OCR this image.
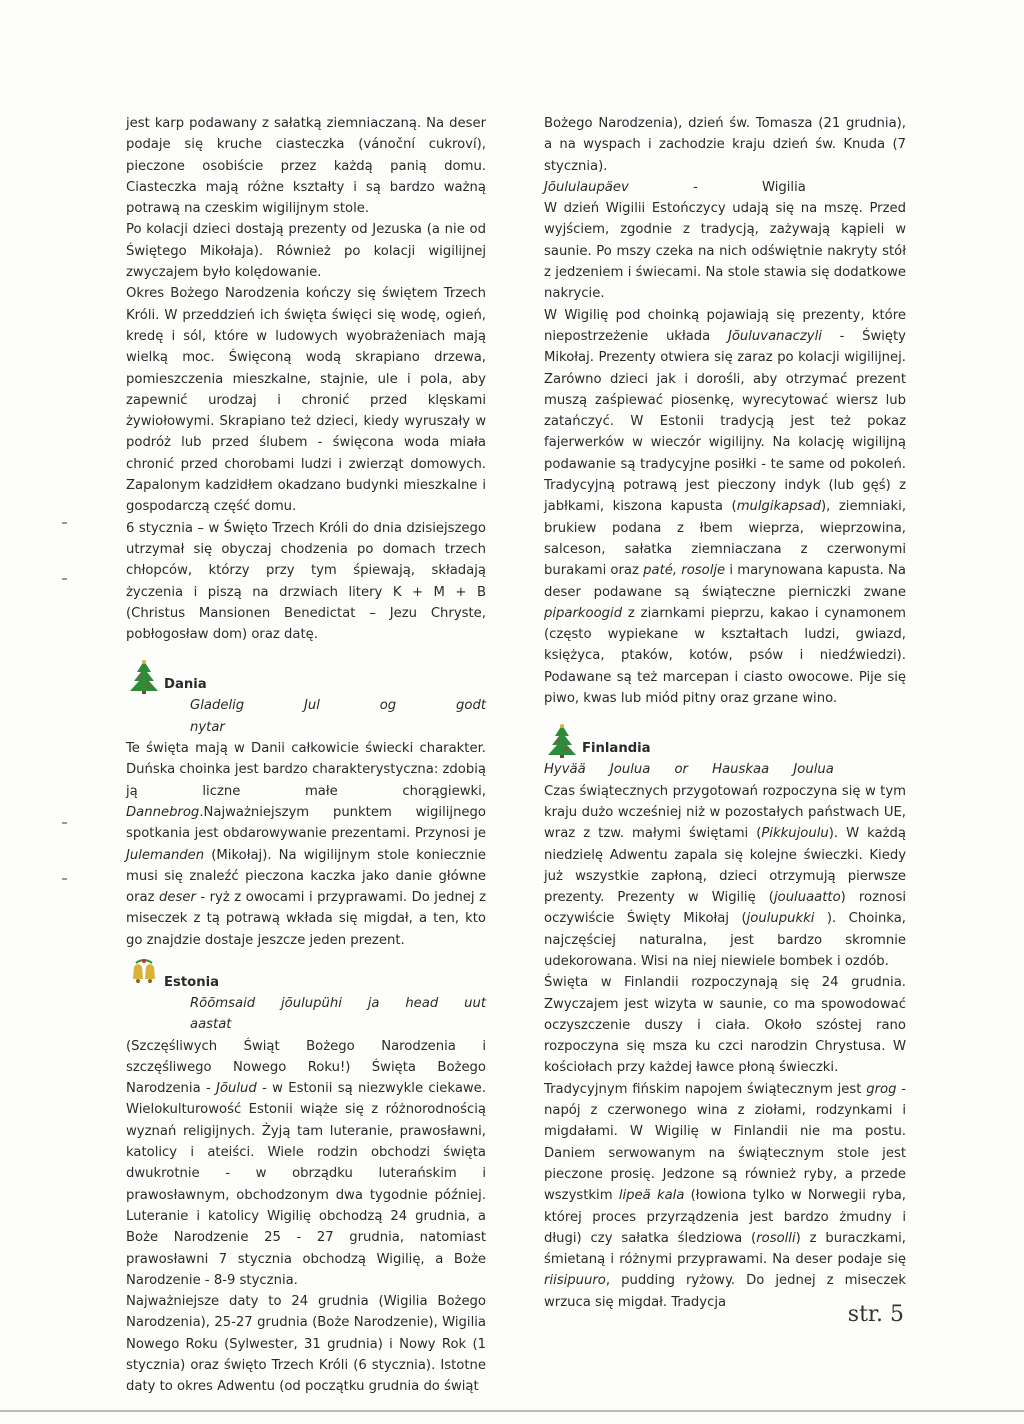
jest karp podawany z sałatką ziemniaczaną. Na deser podaje się kruche ciasteczka (vánoční cukroví), pieczone osobiście przez każdą panią domu. Ciasteczka mają różne kształty i są bardzo ważną potrawą na czeskim wigilijnym stole.

Po kolacji dzieci dostają prezenty od Jezuska (a nie od Świętego Mikołaja). Również po kolacji wigilijnej zwyczajem było kolędowanie.

Okres Bożego Narodzenia kończy się świętem Trzech Króli. W przeddzień ich święta święci się wodę, ogień, kredę i sól, które w ludowych wyobrażeniach mają wielką moc. Święconą wodą skrapiano drzewa, pomieszczenia mieszkalne, stajnie, ule i pola, aby zapewnić urodzaj i chronić przed klęskami żywiołowymi. Skrapiano też dzieci, kiedy wyruszały w podróż lub przed ślubem - święcona woda miała chronić przed chorobami ludzi i zwierząt domowych. Zapalonym kadzidłem okadzano budynki mieszkalne i gospodarczą część domu.

6 stycznia – w Święto Trzech Króli do dnia dzisiejszego utrzymał się obyczaj chodzenia po domach trzech chłopców, którzy przy tym śpiewają, składają życzenia i piszą na drzwiach litery K + M + B (Christus Mansionen Benedictat – Jezu Chryste, pobłogosław dom) oraz datę.

Dania

Gladelig Jul og godt nytar

Te święta mają w Danii całkowicie świecki charakter. Duńska choinka jest bardzo charakterystyczna: zdobią ją liczne małe chorągiewki, Dannebrog.Najważniejszym punktem wigilijnego spotkania jest obdarowywanie prezentami. Przynosi je Julemanden (Mikołaj). Na wigilijnym stole koniecznie musi się znaleźć pieczona kaczka jako danie główne oraz deser - ryż z owocami i przyprawami. Do jednej z miseczek z tą potrawą wkłada się migdał, a ten, kto go znajdzie dostaje jeszcze jeden prezent.

Estonia

Rõõmsaid jõulupühi ja head uut aastat

(Szczęśliwych Świąt Bożego Narodzenia i szczęśliwego Nowego Roku!) Święta Bożego Narodzenia - Jõulud - w Estonii są niezwykle ciekawe. Wielokulturowość Estonii wiąże się z różnorodnością wyznań religijnych. Żyją tam luteranie, prawosławni, katolicy i ateiści. Wiele rodzin obchodzi święta dwukrotnie - w obrządku luterańskim i prawosławnym, obchodzonym dwa tygodnie później. Luteranie i katolicy Wigilię obchodzą 24 grudnia, a Boże Narodzenie 25 - 27 grudnia, natomiast prawosławni 7 stycznia obchodzą Wigilię, a Boże Narodzenie - 8-9 stycznia.

Najważniejsze daty to 24 grudnia (Wigilia Bożego Narodzenia), 25-27 grudnia (Boże Narodzenie), Wigilia Nowego Roku (Sylwester, 31 grudnia) i Nowy Rok (1 stycznia) oraz święto Trzech Króli (6 stycznia). Istotne daty to okres Adwentu (od początku grudnia do świąt

Bożego Narodzenia), dzień św. Tomasza (21 grudnia), a na wyspach i zachodzie kraju dzień św. Knuda (7 stycznia).

Jõululaupäev - Wigilia

W dzień Wigilii Estończycy udają się na mszę. Przed wyjściem, zgodnie z tradycją, zażywają kąpieli w saunie. Po mszy czeka na nich odświętnie nakryty stół z jedzeniem i świecami. Na stole stawia się dodatkowe nakrycie.

W Wigilię pod choinką pojawiają się prezenty, które niepostrzeżenie układa Jõuluvanaczyli - Święty Mikołaj. Prezenty otwiera się zaraz po kolacji wigilijnej. Zarówno dzieci jak i dorośli, aby otrzymać prezent muszą zaśpiewać piosenkę, wyrecytować wiersz lub zatańczyć. W Estonii tradycją jest też pokaz fajerwerków w wieczór wigilijny. Na kolację wigilijną podawanie są tradycyjne posiłki - te same od pokoleń. Tradycyjną potrawą jest pieczony indyk (lub gęś) z jabłkami, kiszona kapusta (mulgikapsad), ziemniaki, brukiew podana z łbem wieprza, wieprzowina, salceson, sałatka ziemniaczana z czerwonymi burakami oraz paté, rosolje i marynowana kapusta. Na deser podawane są świąteczne pierniczki zwane piparkoogid z ziarnkami pieprzu, kakao i cynamonem (często wypiekane w kształtach ludzi, gwiazd, księżyca, ptaków, kotów, psów i niedźwiedzi). Podawane są też marcepan i ciasto owocowe. Pije się piwo, kwas lub miód pitny oraz grzane wino.

Finlandia

Hyvää Joulua or Hauskaa Joulua

Czas świątecznych przygotowań rozpoczyna się w tym kraju dużo wcześniej niż w pozostałych państwach UE, wraz z tzw. małymi świętami (Pikkujoulu). W każdą niedzielę Adwentu zapala się kolejne świeczki. Kiedy już wszystkie zapłoną, dzieci otrzymują pierwsze prezenty. Prezenty w Wigilię (jouluaatto) roznosi oczywiście Święty Mikołaj (joulupukki ). Choinka, najczęściej naturalna, jest bardzo skromnie udekorowana. Wisi na niej niewiele bombek i ozdób.

Święta w Finlandii rozpoczynają się 24 grudnia. Zwyczajem jest wizyta w saunie, co ma spowodować oczyszczenie duszy i ciała. Około szóstej rano rozpoczyna się msza ku czci narodzin Chrystusa. W kościołach przy każdej ławce płoną świeczki.

Tradycyjnym fińskim napojem świątecznym jest grog - napój z czerwonego wina z ziołami, rodzynkami i migdałami. W Wigilię w Finlandii nie ma postu. Daniem serwowanym na świątecznym stole jest pieczone prosię. Jedzone są również ryby, a przede wszystkim lipeä kala (łowiona tylko w Norwegii ryba, której proces przyrządzenia jest bardzo żmudny i długi) czy sałatka śledziowa (rosolli) z buraczkami, śmietaną i różnymi przyprawami. Na deser podaje się riisipuuro, pudding ryżowy. Do jednej z miseczek wrzuca się migdał. Tradycja	str. 5
